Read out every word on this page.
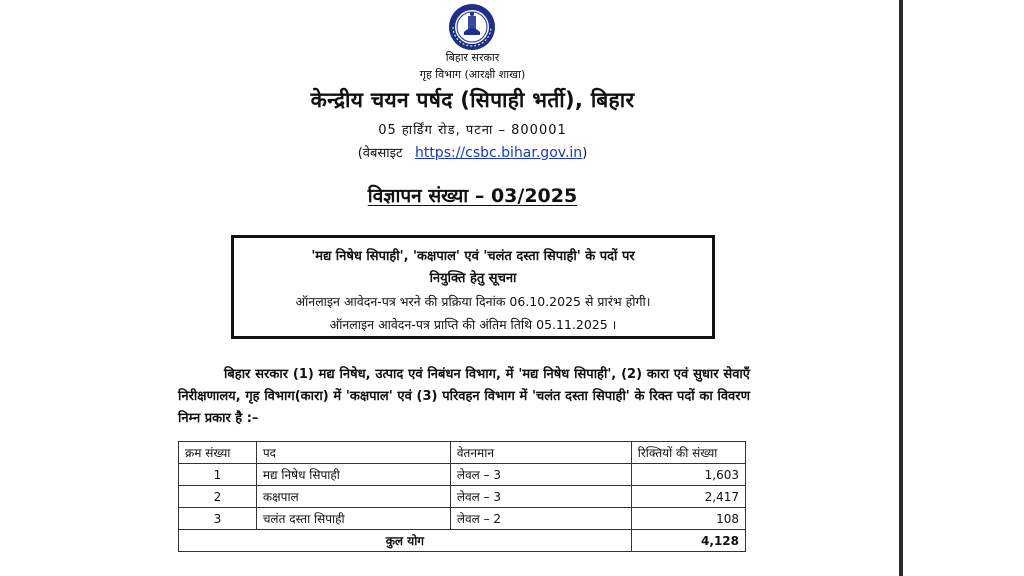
बिहार सरकार
गृह विभाग (आरक्षी शाखा)
केन्द्रीय चयन पर्षद (सिपाही भर्ती), बिहार
05 हार्डिंग रोड, पटना – 800001
(वेबसाइट https://csbc.bihar.gov.in)
विज्ञापन संख्या – 03/2025
'मद्य निषेध सिपाही', 'कक्षपाल' एवं 'चलंत दस्ता सिपाही' के पदों पर
नियुक्ति हेतु सूचना
ऑनलाइन आवेदन-पत्र भरने की प्रक्रिया दिनांक 06.10.2025 से प्रारंभ होगी।
ऑनलाइन आवेदन-पत्र प्राप्ति की अंतिम तिथि 05.11.2025 ।
बिहार सरकार (1) मद्य निषेध, उत्पाद एवं निबंधन विभाग, में 'मद्य निषेध सिपाही', (2) कारा एवं सुधार सेवाएँ निरीक्षणालय, गृह विभाग(कारा) में 'कक्षपाल' एवं (3) परिवहन विभाग में 'चलंत दस्ता सिपाही' के रिक्त पदों का विवरण निम्न प्रकार है :–
क्रम संख्या	पद	वेतनमान	रिक्तियों की संख्या
1	मद्य निषेध सिपाही	लेवल – 3	1,603
2	कक्षपाल	लेवल – 3	2,417
3	चलंत दस्ता सिपाही	लेवल – 2	108
कुल योग			4,128
